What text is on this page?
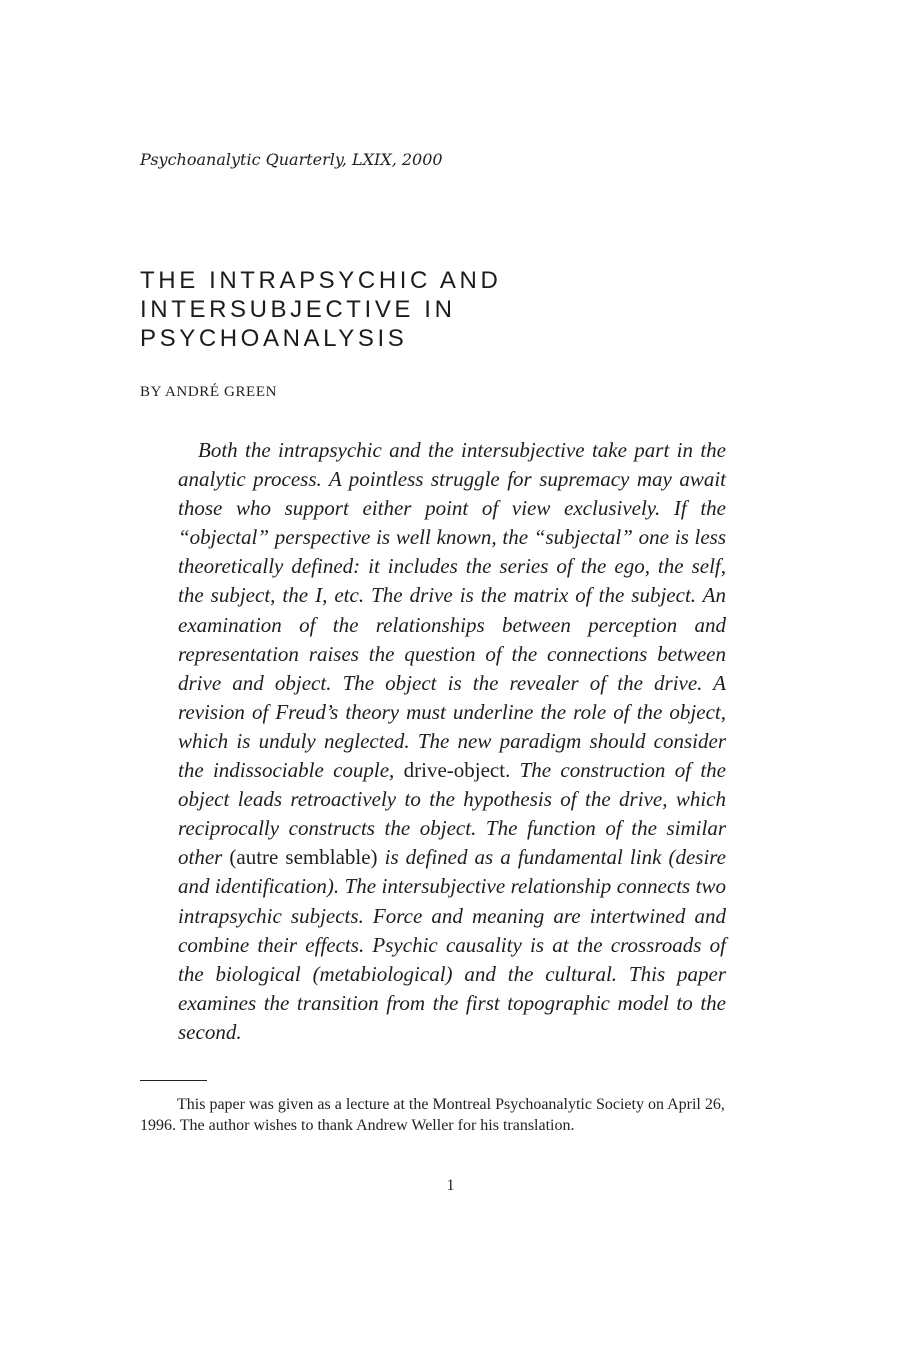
Psychoanalytic Quarterly, LXIX, 2000
THE INTRAPSYCHIC AND
INTERSUBJECTIVE IN
PSYCHOANALYSIS
BY ANDRÉ GREEN

Both the intrapsychic and the intersubjective take part in the analytic process. A pointless struggle for supremacy may await those who support either point of view exclusively. If the “objectal” perspective is well known, the “subjectal” one is less theoretically defined: it includes the series of the ego, the self, the subject, the I, etc. The drive is the matrix of the subject. An examination of the relationships between perception and representation raises the question of the connections between drive and object. The object is the revealer of the drive. A revision of Freud’s theory must underline the role of the object, which is unduly neglected. The new paradigm should consider the indissociable couple, drive-object. The construction of the object leads retroactively to the hypothesis of the drive, which reciprocally constructs the object. The function of the similar other (autre semblable) is defined as a fundamental link (desire and identification). The intersubjective relationship connects two intrapsychic subjects. Force and meaning are intertwined and combine their effects. Psychic causality is at the crossroads of the biological (metabiological) and the cultural. This paper examines the transition from the first topographic model to the second.

This paper was given as a lecture at the Montreal Psychoanalytic Society on April 26, 1996. The author wishes to thank Andrew Weller for his translation.

1
